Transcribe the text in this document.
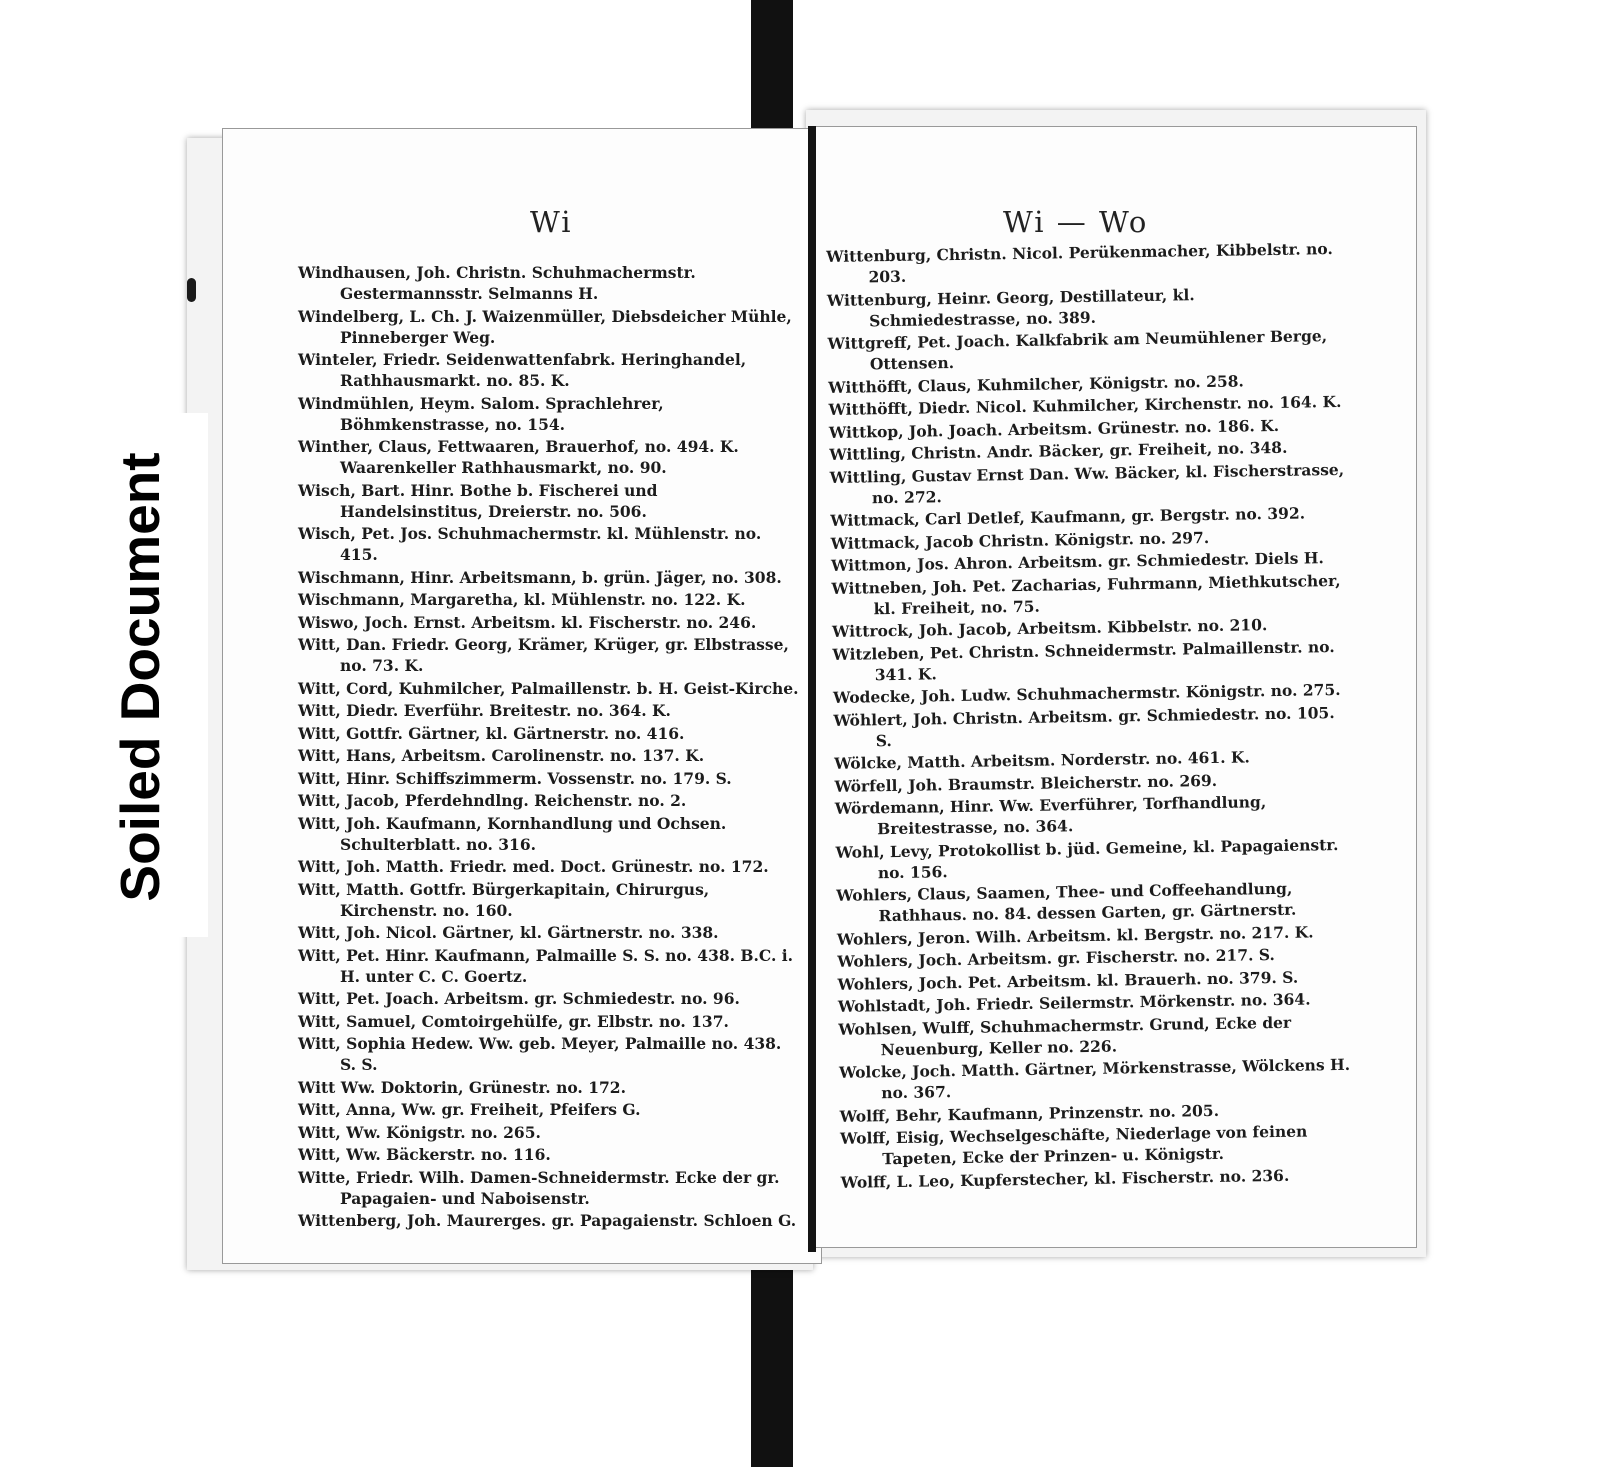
Wi	Wi — Wo
Windhausen, Joh. Christn. Schuhmachermstr. Gestermannsstr. Selmanns H.
Windelberg, L. Ch. J. Waizenmüller, Diebsdeicher Mühle, Pinneberger Weg.
Winteler, Friedr. Seidenwattenfabrk. Heringhandel, Rathhausmarkt. no. 85. K.
Windmühlen, Heym. Salom. Sprachlehrer, Böhmkenstrasse, no. 154.
Winther, Claus, Fettwaaren, Brauerhof, no. 494. K. Waarenkeller Rathhausmarkt, no. 90.
Wisch, Bart. Hinr. Bothe b. Fischerei und Handelsinstitus, Dreierstr. no. 506.
Wisch, Pet. Jos. Schuhmachermstr. kl. Mühlenstr. no. 415.
Wischmann, Hinr. Arbeitsmann, b. grün. Jäger, no. 308.
Wischmann, Margaretha, kl. Mühlenstr. no. 122. K.
Wiswo, Joch. Ernst. Arbeitsm. kl. Fischerstr. no. 246.
Witt, Dan. Friedr. Georg, Krämer, Krüger, gr. Elbstrasse, no. 73. K.
Witt, Cord, Kuhmilcher, Palmaillenstr. b. H. Geist-Kirche.
Witt, Diedr. Everführ. Breitestr. no. 364. K.
Witt, Gottfr. Gärtner, kl. Gärtnerstr. no. 416.
Witt, Hans, Arbeitsm. Carolinenstr. no. 137. K.
Witt, Hinr. Schiffszimmerm. Vossenstr. no. 179. S.
Witt, Jacob, Pferdehndlng. Reichenstr. no. 2.
Witt, Joh. Kaufmann, Kornhandlung und Ochsen. Schulterblatt. no. 316.
Witt, Joh. Matth. Friedr. med. Doct. Grünestr. no. 172.
Witt, Matth. Gottfr. Bürgerkapitain, Chirurgus, Kirchenstr. no. 160.
Witt, Joh. Nicol. Gärtner, kl. Gärtnerstr. no. 338.
Witt, Pet. Hinr. Kaufmann, Palmaille S. S. no. 438. B.C. i. H. unter C. C. Goertz.
Witt, Pet. Joach. Arbeitsm. gr. Schmiedestr. no. 96.
Witt, Samuel, Comtoirgehülfe, gr. Elbstr. no. 137.
Witt, Sophia Hedew. Ww. geb. Meyer, Palmaille no. 438. S. S.
Witt Ww. Doktorin, Grünestr. no. 172.
Witt, Anna, Ww. gr. Freiheit, Pfeifers G.
Witt, Ww. Königstr. no. 265.
Witt, Ww. Bäckerstr. no. 116.
Witte, Friedr. Wilh. Damen-Schneidermstr. Ecke der gr. Papagaien- und Naboisenstr.
Wittenberg, Joh. Maurerges. gr. Papagaienstr. Schloen G.
Wittenburg, Christn. Nicol. Perükenmacher, Kibbelstr. no. 203.
Wittenburg, Heinr. Georg, Destillateur, kl. Schmiedestrasse, no. 389.
Wittgreff, Pet. Joach. Kalkfabrik am Neumühlener Berge, Ottensen.
Witthöfft, Claus, Kuhmilcher, Königstr. no. 258.
Witthöfft, Diedr. Nicol. Kuhmilcher, Kirchenstr. no. 164. K.
Wittkop, Joh. Joach. Arbeitsm. Grünestr. no. 186. K.
Wittling, Christn. Andr. Bäcker, gr. Freiheit, no. 348.
Wittling, Gustav Ernst Dan. Ww. Bäcker, kl. Fischerstrasse, no. 272.
Wittmack, Carl Detlef, Kaufmann, gr. Bergstr. no. 392.
Wittmack, Jacob Christn. Königstr. no. 297.
Wittmon, Jos. Ahron. Arbeitsm. gr. Schmiedestr. Diels H.
Wittneben, Joh. Pet. Zacharias, Fuhrmann, Miethkutscher, kl. Freiheit, no. 75.
Wittrock, Joh. Jacob, Arbeitsm. Kibbelstr. no. 210.
Witzleben, Pet. Christn. Schneidermstr. Palmaillenstr. no. 341. K.
Wodecke, Joh. Ludw. Schuhmachermstr. Königstr. no. 275.
Wöhlert, Joh. Christn. Arbeitsm. gr. Schmiedestr. no. 105. S.
Wölcke, Matth. Arbeitsm. Norderstr. no. 461. K.
Wörfell, Joh. Braumstr. Bleicherstr. no. 269.
Wördemann, Hinr. Ww. Everführer, Torfhandlung, Breitestrasse, no. 364.
Wohl, Levy, Protokollist b. jüd. Gemeine, kl. Papagaienstr. no. 156.
Wohlers, Claus, Saamen, Thee- und Coffeehandlung, Rathhaus. no. 84. dessen Garten, gr. Gärtnerstr.
Wohlers, Jeron. Wilh. Arbeitsm. kl. Bergstr. no. 217. K.
Wohlers, Joch. Arbeitsm. gr. Fischerstr. no. 217. S.
Wohlers, Joch. Pet. Arbeitsm. kl. Brauerh. no. 379. S.
Wohlstadt, Joh. Friedr. Seilermstr. Mörkenstr. no. 364.
Wohlsen, Wulff, Schuhmachermstr. Grund, Ecke der Neuenburg, Keller no. 226.
Wolcke, Joch. Matth. Gärtner, Mörkenstrasse, Wölckens H. no. 367.
Wolff, Behr, Kaufmann, Prinzenstr. no. 205.
Wolff, Eisig, Wechselgeschäfte, Niederlage von feinen Tapeten, Ecke der Prinzen- u. Königstr.
Wolff, L. Leo, Kupferstecher, kl. Fischerstr. no. 236.
Soiled Document
